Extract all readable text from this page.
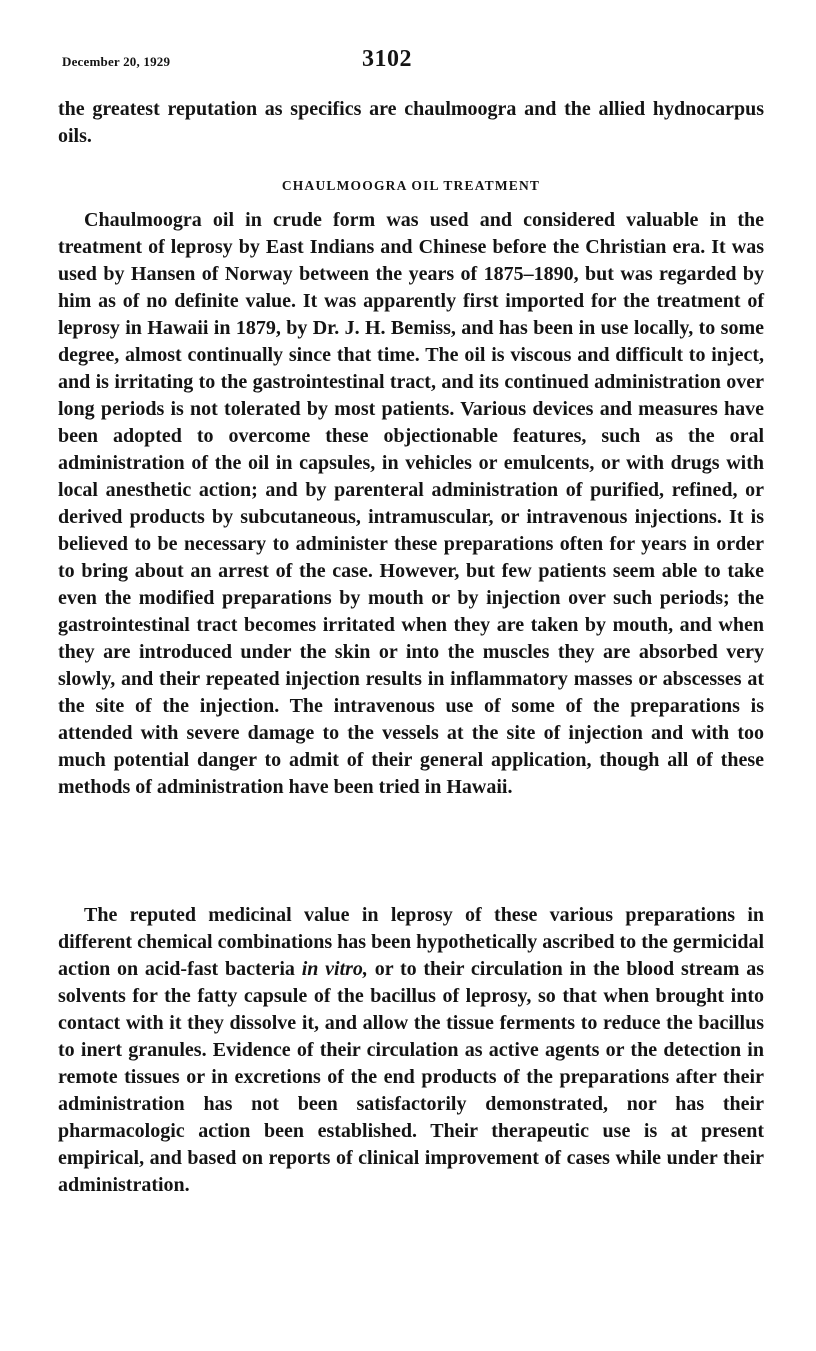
December 20, 1929	3102

the greatest reputation as specifics are chaulmoogra and the allied hydnocarpus oils.

CHAULMOOGRA OIL TREATMENT

Chaulmoogra oil in crude form was used and considered valuable in the treatment of leprosy by East Indians and Chinese before the Christian era. It was used by Hansen of Norway between the years of 1875–1890, but was regarded by him as of no definite value. It was apparently first imported for the treatment of leprosy in Hawaii in 1879, by Dr. J. H. Bemiss, and has been in use locally, to some degree, almost continually since that time. The oil is viscous and difficult to inject, and is irritating to the gastrointestinal tract, and its continued administration over long periods is not tolerated by most patients. Various devices and measures have been adopted to overcome these objectionable features, such as the oral administration of the oil in capsules, in vehicles or emulcents, or with drugs with local anesthetic action; and by parenteral administration of purified, refined, or derived products by subcutaneous, intramuscular, or intravenous injections. It is believed to be necessary to administer these preparations often for years in order to bring about an arrest of the case. However, but few patients seem able to take even the modified preparations by mouth or by injection over such periods; the gastrointestinal tract becomes irritated when they are taken by mouth, and when they are introduced under the skin or into the muscles they are absorbed very slowly, and their repeated injection results in inflammatory masses or abscesses at the site of the injection. The intravenous use of some of the preparations is attended with severe damage to the vessels at the site of injection and with too much potential danger to admit of their general application, though all of these methods of administration have been tried in Hawaii.

The reputed medicinal value in leprosy of these various preparations in different chemical combinations has been hypothetically ascribed to the germicidal action on acid-fast bacteria in vitro, or to their circulation in the blood stream as solvents for the fatty capsule of the bacillus of leprosy, so that when brought into contact with it they dissolve it, and allow the tissue ferments to reduce the bacillus to inert granules. Evidence of their circulation as active agents or the detection in remote tissues or in excretions of the end products of the preparations after their administration has not been satisfactorily demonstrated, nor has their pharmacologic action been established. Their therapeutic use is at present empirical, and based on reports of clinical improvement of cases while under their administration.
